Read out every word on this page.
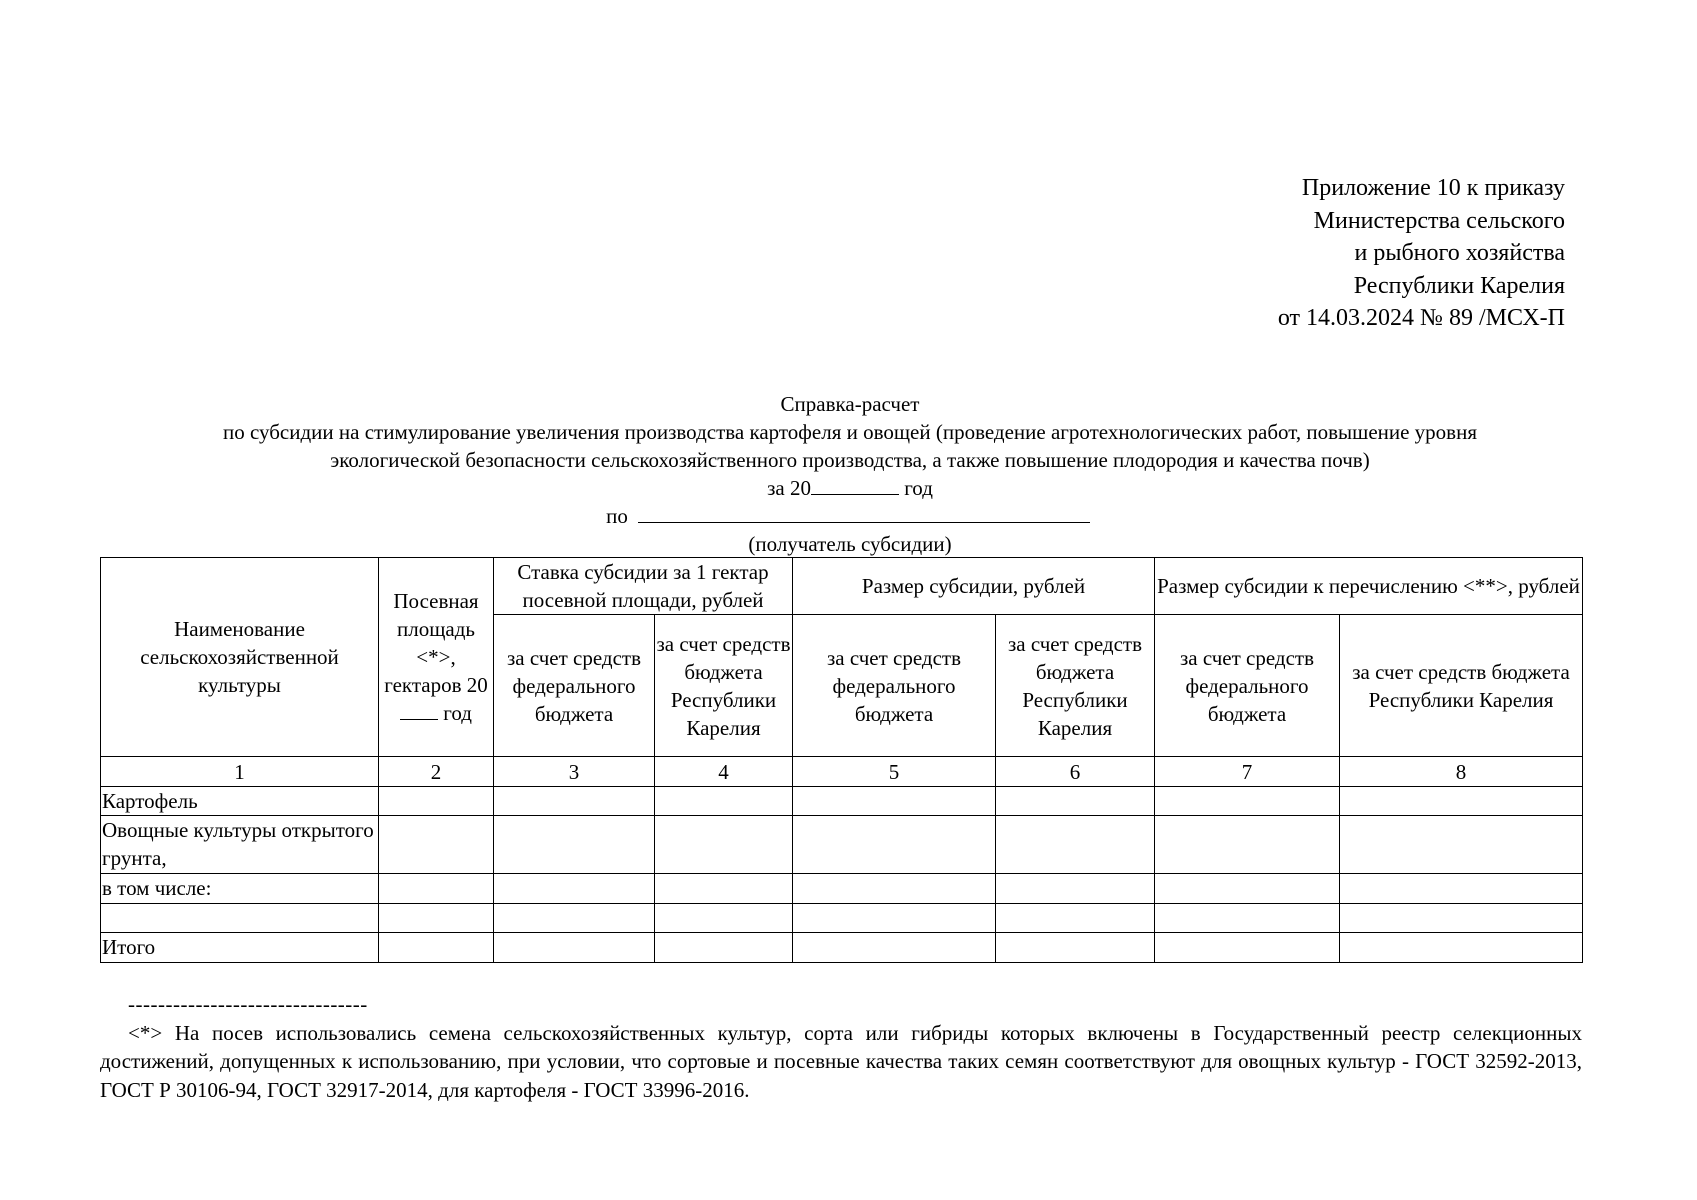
Приложение 10 к приказу
Министерства сельского
и рыбного хозяйства
Республики Карелия
от 14.03.2024 № 89 /МСХ-П
Справка-расчет
по субсидии на стимулирование увеличения производства картофеля и овощей (проведение агротехнологических работ, повышение уровня
экологической безопасности сельскохозяйственного производства, а также повышение плодородия и качества почв)
за 20	год
по
(получатель субсидии)
Наименование сельскохозяйственной культуры	Посевная площадь <*>, гектаров 20 год	Ставка субсидии за 1 гектар посевной площади, рублей		Размер субсидии, рублей		Размер субсидии к перечислению <**>, рублей	
		за счет средств федерального бюджета	за счет средств бюджета Республики Карелия	за счет средств федерального бюджета	за счет средств бюджета Республики Карелия	за счет средств федерального бюджета	за счет средств бюджета Республики Карелия
1	2	3	4	5	6	7	8
Картофель							
Овощные культуры открытого грунта,							
в том числе:							

Итого							
--------------------------------
<*> На посев использовались семена сельскохозяйственных культур, сорта или гибриды которых включены в Государственный реестр селекционных достижений, допущенных к использованию, при условии, что сортовые и посевные качества таких семян соответствуют для овощных культур - ГОСТ 32592-2013, ГОСТ Р 30106-94, ГОСТ 32917-2014, для картофеля - ГОСТ 33996-2016.
